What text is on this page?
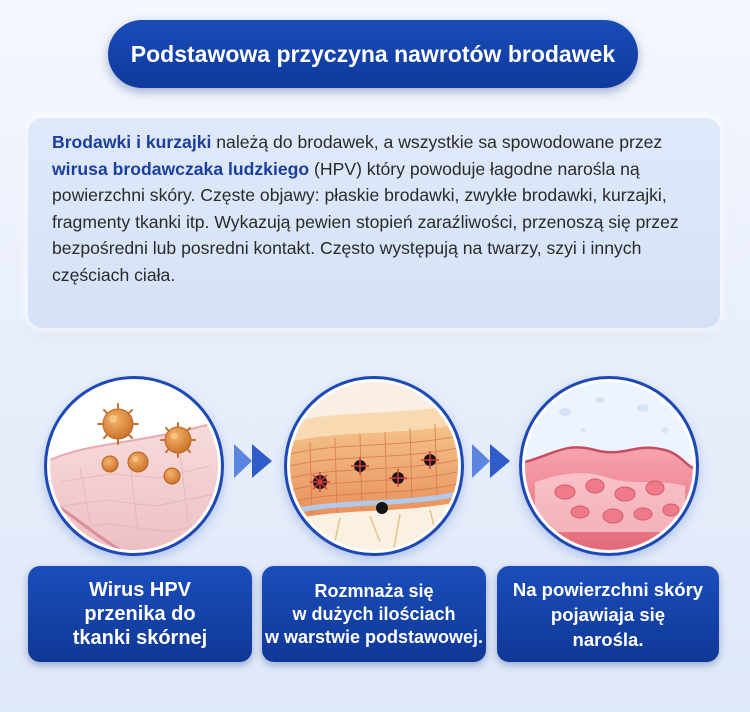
Podstawowa przyczyna nawrotów brodawek
Brodawki i kurzajki należą do brodawek, a wszystkie sa spowodowane przez wirusa brodawczaka ludzkiego (HPV) który powoduje łagodne narośla ną powierzchni skóry. Częste objawy: płaskie brodawki, zwykłe brodawki, kurzajki, fragmenty tkanki itp. Wykazują pewien stopień zaraźliwości, przenoszą się przez bezpośredni lub posredni kontakt. Często występują na twarzy, szyi i innych częściach ciała.
Wirus HPV
przenika do
tkanki skórnej
Rozmnaża się
w dużych ilościach
w warstwie podstawowej.
Na powierzchni skóry
pojawiaja się
narośla.
